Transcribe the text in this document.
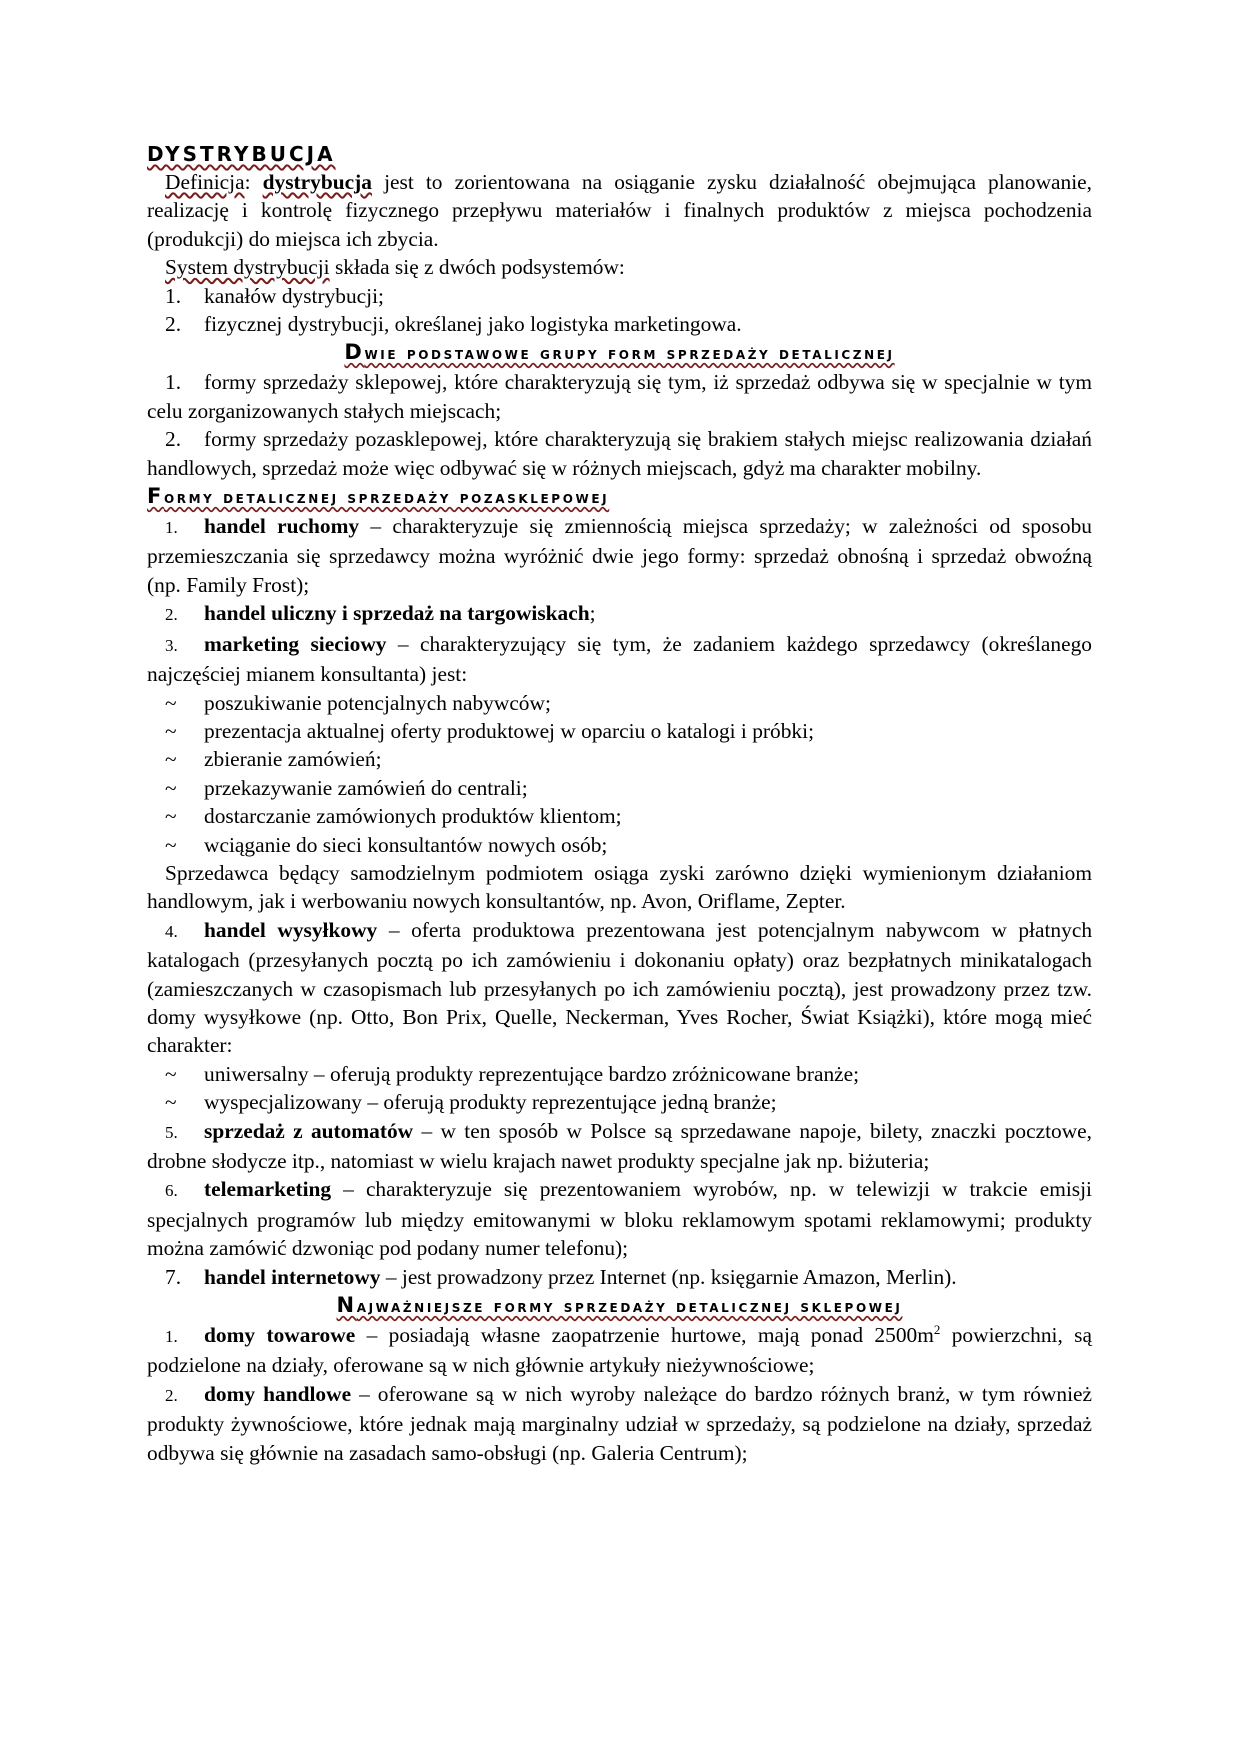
DYSTRYBUCJA

Definicja: dystrybucja jest to zorientowana na osiąganie zysku działalność obejmująca planowanie, realizację i kontrolę fizycznego przepływu materiałów i finalnych produktów z miejsca pochodzenia (produkcji) do miejsca ich zbycia.

System dystrybucji składa się z dwóch podsystemów:

1.	kanałów dystrybucji;
2.	fizycznej dystrybucji, określanej jako logistyka marketingowa.
Dwie podstawowe grupy form sprzedaży detalicznej

1. formy sprzedaży sklepowej, które charakteryzują się tym, iż sprzedaż odbywa się w specjalnie w tym celu zorganizowanych stałych miejscach;

2. formy sprzedaży pozasklepowej, które charakteryzują się brakiem stałych miejsc realizowania działań handlowych, sprzedaż może więc odbywać się w różnych miejscach, gdyż ma charakter mobilny.

Formy detalicznej sprzedaży pozasklepowej

1. handel ruchomy – charakteryzuje się zmiennością miejsca sprzedaży; w zależności od sposobu przemieszczania się sprzedawcy można wyróżnić dwie jego formy: sprzedaż obnośną i sprzedaż obwoźną (np. Family Frost);

2. handel uliczny i sprzedaż na targowiskach;

3. marketing sieciowy – charakteryzujący się tym, że zadaniem każdego sprzedawcy (określanego najczęściej mianem konsultanta) jest:

~	poszukiwanie potencjalnych nabywców;
~	prezentacja aktualnej oferty produktowej w oparciu o katalogi i próbki;
~	zbieranie zamówień;
~	przekazywanie zamówień do centrali;
~	dostarczanie zamówionych produktów klientom;
~	wciąganie do sieci konsultantów nowych osób;

Sprzedawca będący samodzielnym podmiotem osiąga zyski zarówno dzięki wymienionym działaniom handlowym, jak i werbowaniu nowych konsultantów, np. Avon, Oriflame, Zepter.

4. handel wysyłkowy – oferta produktowa prezentowana jest potencjalnym nabywcom w płatnych katalogach (przesyłanych pocztą po ich zamówieniu i dokonaniu opłaty) oraz bezpłatnych minikatalogach (zamieszczanych w czasopismach lub przesyłanych po ich zamówieniu pocztą), jest prowadzony przez tzw. domy wysyłkowe (np. Otto, Bon Prix, Quelle, Neckerman, Yves Rocher, Świat Książki), które mogą mieć charakter:

~	uniwersalny – oferują produkty reprezentujące bardzo zróżnicowane branże;
~	wyspecjalizowany – oferują produkty reprezentujące jedną branże;

5. sprzedaż z automatów – w ten sposób w Polsce są sprzedawane napoje, bilety, znaczki pocztowe, drobne słodycze itp., natomiast w wielu krajach nawet produkty specjalne jak np. biżuteria;

6. telemarketing – charakteryzuje się prezentowaniem wyrobów, np. w telewizji w trakcie emisji specjalnych programów lub między emitowanymi w bloku reklamowym spotami reklamowymi; produkty można zamówić dzwoniąc pod podany numer telefonu);

7. handel internetowy – jest prowadzony przez Internet (np. księgarnie Amazon, Merlin).

Najważniejsze formy sprzedaży detalicznej sklepowej

1. domy towarowe – posiadają własne zaopatrzenie hurtowe, mają ponad $2500m^2$ powierzchni, są podzielone na działy, oferowane są w nich głównie artykuły nieżywnościowe;

2. domy handlowe – oferowane są w nich wyroby należące do bardzo różnych branż, w tym również produkty żywnościowe, które jednak mają marginalny udział w sprzedaży, są podzielone na działy, sprzedaż odbywa się głównie na zasadach samo-obsługi (np. Galeria Centrum);
